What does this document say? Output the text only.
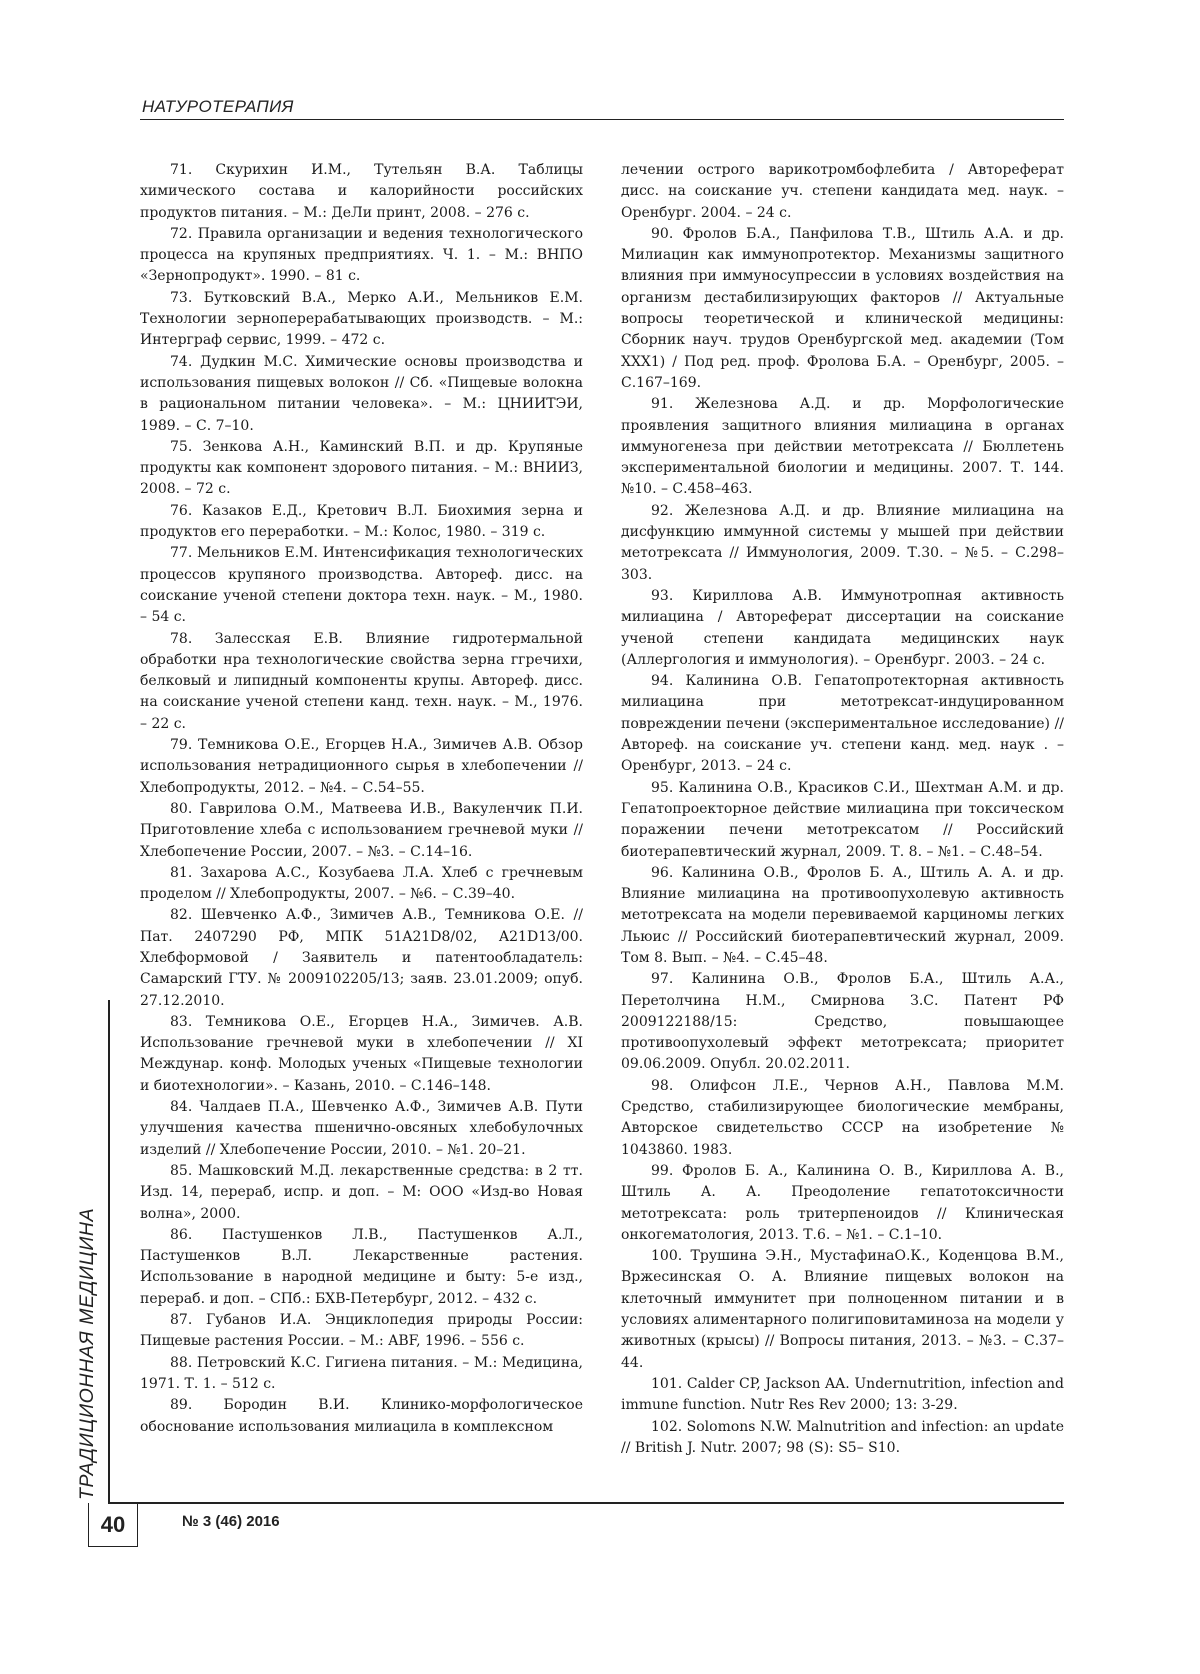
НАТУРОТЕРАПИЯ

71. Скурихин И.М., Тутельян В.А. Таблицы химического состава и калорийности российских продуктов питания. – М.: ДеЛи принт, 2008. – 276 с.

72. Правила организации и ведения технологического процесса на крупяных предприятиях. Ч. 1. – М.: ВНПО «Зернопродукт». 1990. – 81 с.

73. Бутковский В.А., Мерко А.И., Мельников Е.М. Технологии зерноперерабатывающих производств. – М.: Интерграф сервис, 1999. – 472 с.

74. Дудкин М.С. Химические основы производства и использования пищевых волокон // Сб. «Пищевые волокна в рациональном питании человека». – М.: ЦНИИТЭИ, 1989. – С. 7–10.

75. Зенкова А.Н., Каминский В.П. и др. Крупяные продукты как компонент здорового питания. – М.: ВНИИЗ, 2008. – 72 с.

76. Казаков Е.Д., Кретович В.Л. Биохимия зерна и продуктов его переработки. – М.: Колос, 1980. – 319 с.

77. Мельников Е.М. Интенсификация технологических процессов крупяного производства. Автореф. дисс. на соискание ученой степени доктора техн. наук. – М., 1980. – 54 с.

78. Залесская Е.В. Влияние гидротермальной обработки нра технологические свойства зерна ггречихи, белковый и липидный компоненты крупы. Автореф. дисс. на соискание ученой степени канд. техн. наук. – М., 1976. – 22 с.

79. Темникова О.Е., Егорцев Н.А., Зимичев А.В. Обзор использования нетрадиционного сырья в хлебопечении // Хлебопродукты, 2012. – №4. – С.54–55.

80. Гаврилова О.М., Матвеева И.В., Вакуленчик П.И. Приготовление хлеба с использованием гречневой муки // Хлебопечение России, 2007. – №3. – С.14–16.

81. Захарова А.С., Козубаева Л.А. Хлеб с гречневым проделом // Хлебопродукты, 2007. – №6. – С.39–40.

82. Шевченко А.Ф., Зимичев А.В., Темникова О.Е. // Пат. 2407290 РФ, МПК 51A21D8/02, A21D13/00. Хлебформовой / Заявитель и патентообладатель: Самарский ГТУ. № 2009102205/13; заяв. 23.01.2009; опуб. 27.12.2010.

83. Темникова О.Е., Егорцев Н.А., Зимичев. А.В. Использование гречневой муки в хлебопечении // XI Междунар. конф. Молодых ученых «Пищевые технологии и биотехнологии». – Казань, 2010. – С.146–148.

84. Чалдаев П.А., Шевченко А.Ф., Зимичев А.В. Пути улучшения качества пшенично-овсяных хлебобулочных изделий // Хлебопечение России, 2010. – №1. 20–21.

85. Машковский М.Д. лекарственные средства: в 2 тт. Изд. 14, перераб, испр. и доп. – М: ООО «Изд-во Новая волна», 2000.

86. Пастушенков Л.В., Пастушенков А.Л., Пастушенков В.Л. Лекарственные растения. Использование в народной медицине и быту: 5-е изд., перераб. и доп. – СПб.: БХВ-Петербург, 2012. – 432 с.

87. Губанов И.А. Энциклопедия природы России: Пищевые растения России. – М.: ABF, 1996. – 556 с.

88. Петровский К.С. Гигиена питания. – М.: Медицина, 1971. Т. 1. – 512 с.

89. Бородин В.И. Клинико-морфологическое обоснование использования милиацила в комплексном

лечении острого варикотромбофлебита / Автореферат дисс. на соискание уч. степени кандидата мед. наук. – Оренбург. 2004. – 24 с.

90. Фролов Б.А., Панфилова Т.В., Штиль А.А. и др. Милиацин как иммунопротектор. Механизмы защитного влияния при иммуносупрессии в условиях воздействия на организм дестабилизирующих факторов // Актуальные вопросы теоретической и клинической медицины: Сборник науч. трудов Оренбургской мед. академии (Том XXX1) / Под ред. проф. Фролова Б.А. – Оренбург, 2005. – С.167–169.

91. Железнова А.Д. и др. Морфологические проявления защитного влияния милиацина в органах иммуногенеза при действии метотрексата // Бюллетень экспериментальной биологии и медицины. 2007. Т. 144. №10. – С.458–463.

92. Железнова А.Д. и др. Влияние милиацина на дисфункцию иммунной системы у мышей при действии метотрексата // Иммунология, 2009. Т.30. – №5. – С.298–303.

93. Кириллова А.В. Иммунотропная активность милиацина / Автореферат диссертации на соискание ученой степени кандидата медицинских наук (Аллергология и иммунология). – Оренбург. 2003. – 24 с.

94. Калинина О.В. Гепатопротекторная активность милиацина при метотрексат-индуцированном повреждении печени (экспериментальное исследование) // Автореф. на соискание уч. степени канд. мед. наук . – Оренбург, 2013. – 24 с.

95. Калинина О.В., Красиков С.И., Шехтман А.М. и др. Гепатопроекторное действие милиацина при токсическом поражении печени метотрексатом // Российский биотерапевтический журнал, 2009. Т. 8. – №1. – С.48–54.

96. Калинина О.В., Фролов Б. А., Штиль А. А. и др. Влияние милиацина на противоопухолевую активность метотрексата на модели перевиваемой карциномы легких Льюис // Российский биотерапевтический журнал, 2009. Том 8. Вып. – №4. – С.45–48.

97. Калинина О.В., Фролов Б.А., Штиль А.А., Перетолчина Н.М., Смирнова З.С. Патент РФ 2009122188/15: Средство, повышающее противоопухолевый эффект метотрексата; приоритет 09.06.2009. Опубл. 20.02.2011.

98. Олифсон Л.Е., Чернов А.Н., Павлова М.М. Средство, стабилизирующее биологические мембраны, Авторское свидетельство СССР на изобретение № 1043860. 1983.

99. Фролов Б. А., Калинина О. В., Кириллова А. В., Штиль А. А. Преодоление гепатотоксичности метотрексата: роль тритерпеноидов // Клиническая онкогематология, 2013. Т.6. – №1. – С.1–10.

100. Трушина Э.Н., МустафинаО.К., Коденцова В.М., Вржесинская О. А. Влияние пищевых волокон на клеточный иммунитет при полноценном питании и в условиях алиментарного полигиповитаминоза на модели у животных (крысы) // Вопросы питания, 2013. – №3. – С.37–44.

101. Calder CP, Jackson AA. Undernutrition, infection and immune function. Nutr Res Rev 2000; 13: 3-29.

102. Solomons N.W. Malnutrition and infection: an update // British J. Nutr. 2007; 98 (S): S5– S10.

ТРАДИЦИОННАЯ МЕДИЦИНА
40	№ 3 (46) 2016
